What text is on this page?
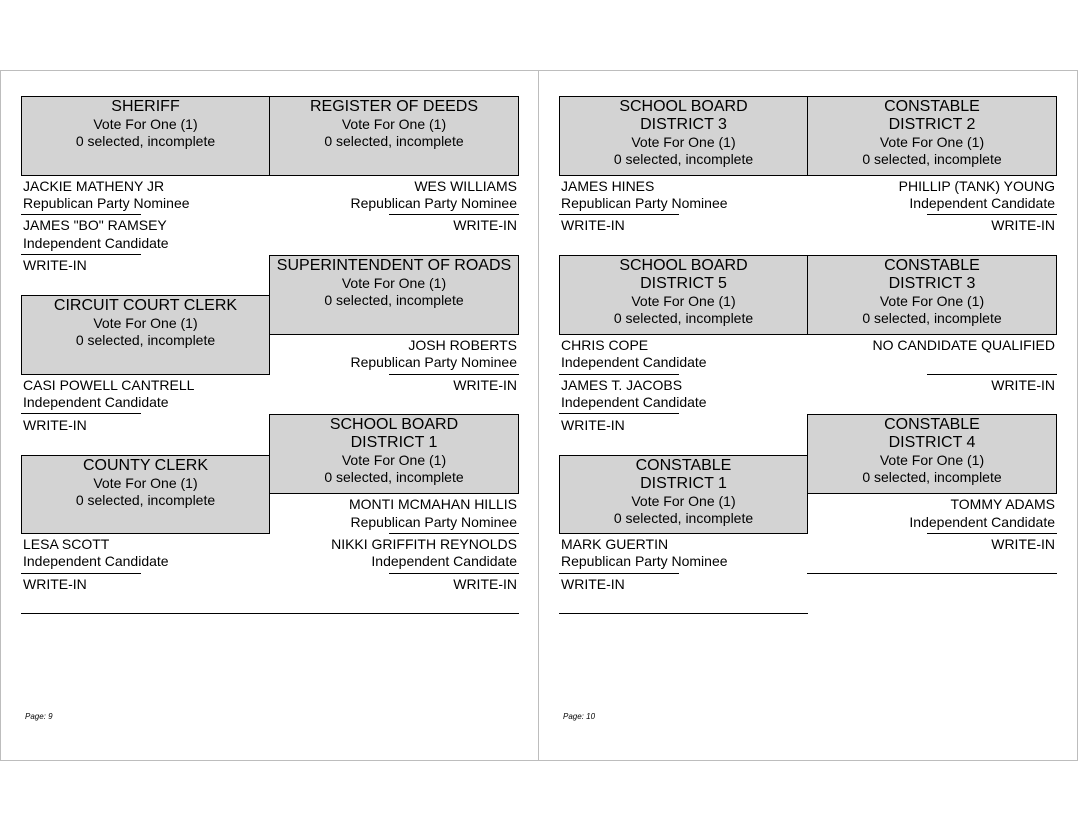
SHERIFF
Vote For One (1)
0 selected, incomplete
JACKIE MATHENY JR
Republican Party Nominee
JAMES "BO" RAMSEY
Independent Candidate
WRITE-IN
REGISTER OF DEEDS
Vote For One (1)
0 selected, incomplete
WES WILLIAMS
Republican Party Nominee
WRITE-IN
SUPERINTENDENT OF ROADS
Vote For One (1)
0 selected, incomplete
JOSH ROBERTS
Republican Party Nominee
WRITE-IN
CIRCUIT COURT CLERK
Vote For One (1)
0 selected, incomplete
CASI POWELL CANTRELL
Independent Candidate
WRITE-IN	SCHOOL BOARD
DISTRICT 1
Vote For One (1)
0 selected, incomplete
MONTI MCMAHAN HILLIS
Republican Party Nominee
NIKKI GRIFFITH REYNOLDS
Independent Candidate
WRITE-IN
COUNTY CLERK
Vote For One (1)
0 selected, incomplete
LESA SCOTT
Independent Candidate
WRITE-IN
Page: 9
SCHOOL BOARD
DISTRICT 3
Vote For One (1)
0 selected, incomplete
JAMES HINES
Republican Party Nominee
WRITE-IN
CONSTABLE
DISTRICT 2
Vote For One (1)
0 selected, incomplete
PHILLIP (TANK) YOUNG
Independent Candidate
WRITE-IN
SCHOOL BOARD
DISTRICT 5
Vote For One (1)
0 selected, incomplete
CHRIS COPE
Independent Candidate
JAMES T. JACOBS
Independent Candidate
WRITE-IN
CONSTABLE
DISTRICT 3
Vote For One (1)
0 selected, incomplete
NO CANDIDATE QUALIFIED
WRITE-IN
CONSTABLE
DISTRICT 4
Vote For One (1)
0 selected, incomplete
TOMMY ADAMS
Independent Candidate
WRITE-IN
CONSTABLE
DISTRICT 1
Vote For One (1)
0 selected, incomplete
MARK GUERTIN
Republican Party Nominee
WRITE-IN
Page: 10
